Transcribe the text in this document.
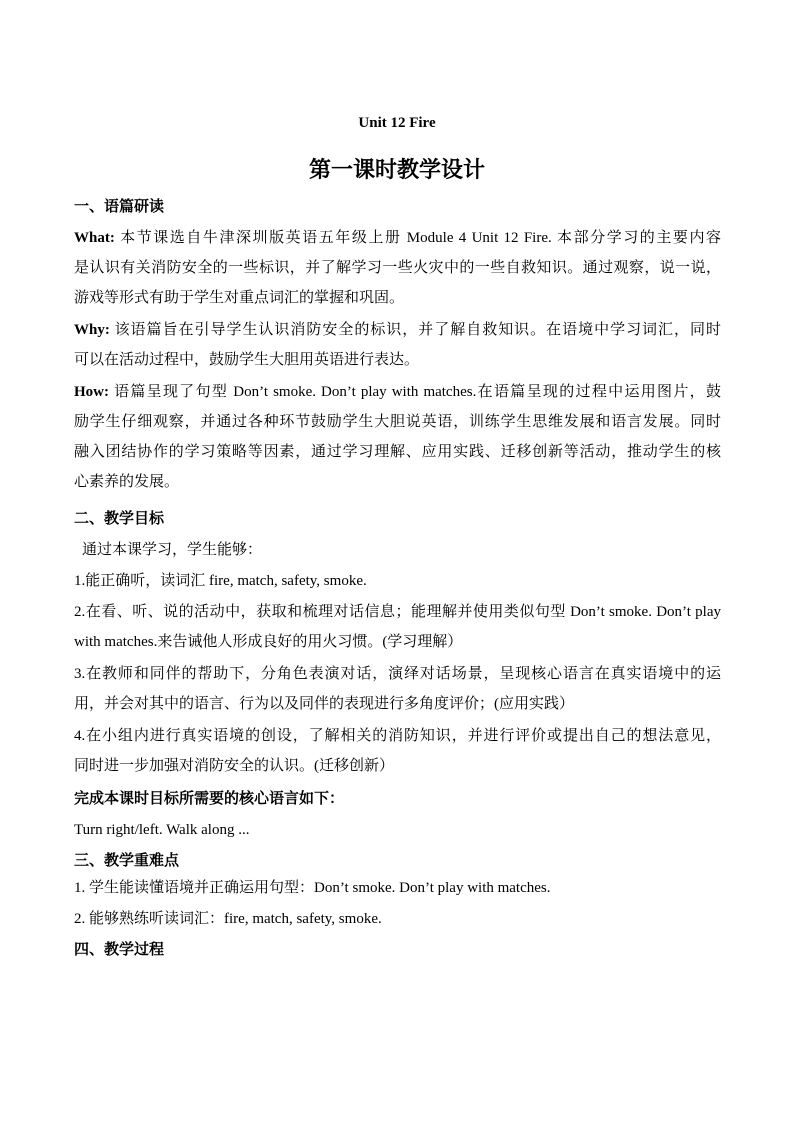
Unit 12 Fire

第一课时教学设计

一、语篇研读

What: 本节课选自牛津深圳版英语五年级上册 Module 4 Unit 12 Fire. 本部分学习的主要内容

是认识有关消防安全的一些标识，并了解学习一些火灾中的一些自救知识。通过观察，说一说，

游戏等形式有助于学生对重点词汇的掌握和巩固。

Why: 该语篇旨在引导学生认识消防安全的标识，并了解自救知识。在语境中学习词汇，同时

可以在活动过程中，鼓励学生大胆用英语进行表达。

How: 语篇呈现了句型 Don’t smoke. Don’t play with matches.在语篇呈现的过程中运用图片，鼓

励学生仔细观察，并通过各种环节鼓励学生大胆说英语，训练学生思维发展和语言发展。同时

融入团结协作的学习策略等因素，通过学习理解、应用实践、迁移创新等活动，推动学生的核

心素养的发展。

二、教学目标

通过本课学习，学生能够：

1.能正确听，读词汇 fire, match, safety, smoke.

2.在看、听、说的活动中，获取和梳理对话信息；能理解并使用类似句型 Don’t smoke. Don’t play

with matches.来告诫他人形成良好的用火习惯。(学习理解）

3.在教师和同伴的帮助下，分角色表演对话，演绎对话场景，呈现核心语言在真实语境中的运

用，并会对其中的语言、行为以及同伴的表现进行多角度评价；(应用实践）

4.在小组内进行真实语境的创设，了解相关的消防知识，并进行评价或提出自己的想法意见，

同时进一步加强对消防安全的认识。(迁移创新）

完成本课时目标所需要的核心语言如下：

Turn right/left. Walk along ...

三、教学重难点

1. 学生能读懂语境并正确运用句型：Don’t smoke. Don’t play with matches.

2. 能够熟练听读词汇：fire, match, safety, smoke.

四、教学过程
